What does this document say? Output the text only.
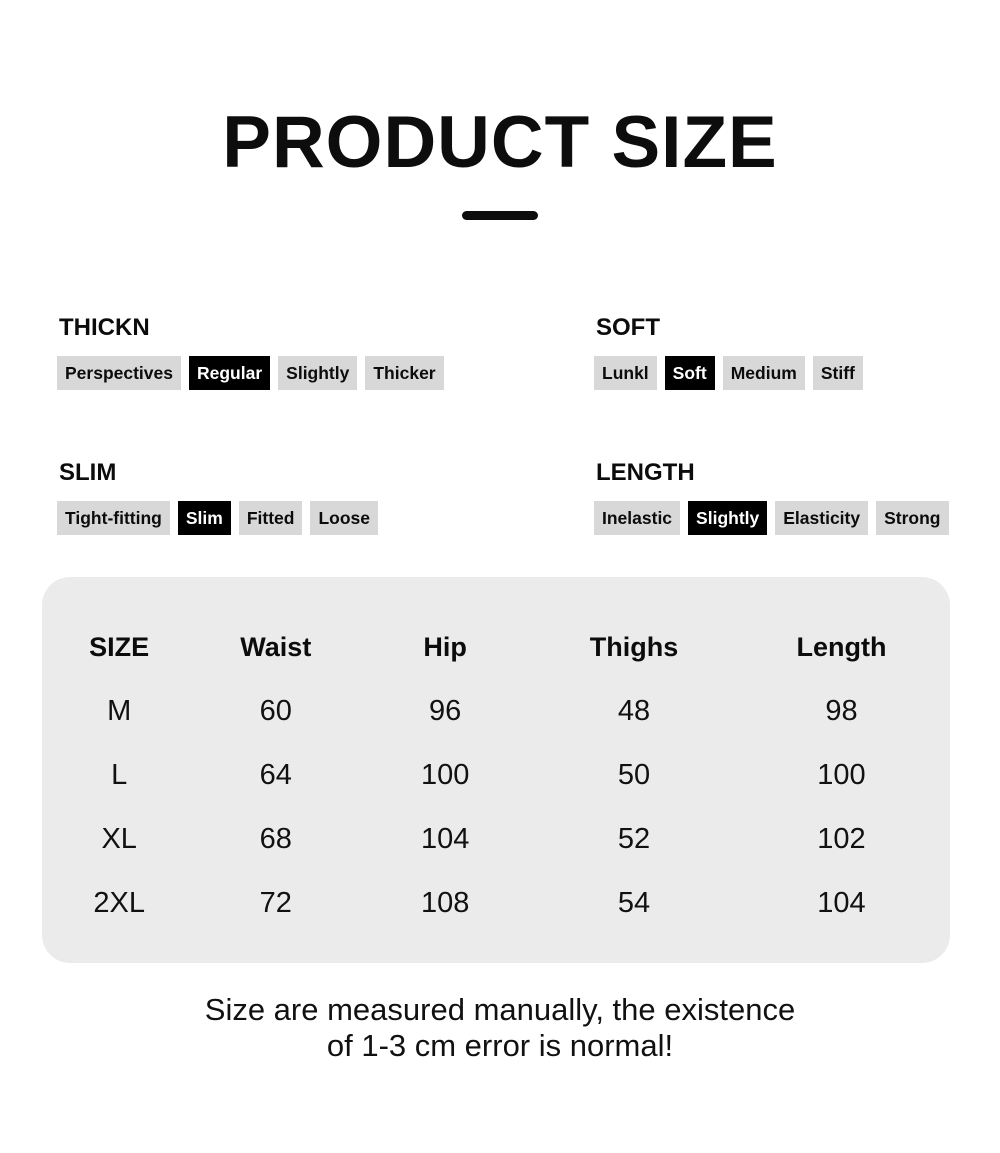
PRODUCT SIZE
THICKN
Perspectives	Regular	Slightly	Thicker
SOFT
Lunkl	Soft	Medium	Stiff
SLIM
Tight-fitting	Slim	Fitted	Loose
LENGTH
Inelastic	Slightly	Elasticity	Strong
SIZE	Waist	Hip	Thighs	Length
M	60	96	48	98
L	64	100	50	100
XL	68	104	52	102
2XL	72	108	54	104
Size are measured manually, the existence
of 1-3 cm error is normal!
